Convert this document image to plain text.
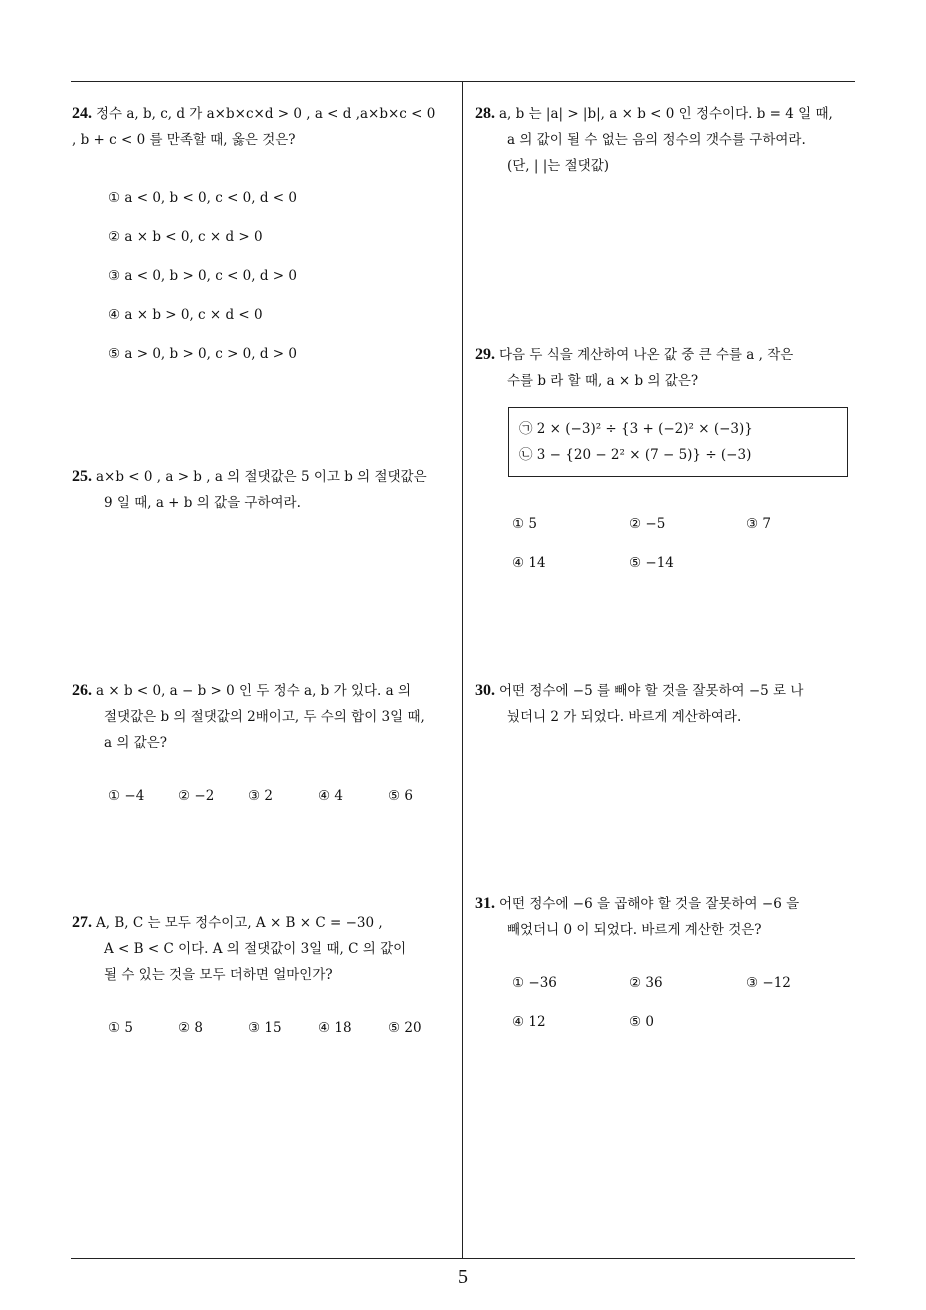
24. 정수 a, b, c, d 가 a×b×c×d > 0 , a < d ,a×b×c < 0
, b + c < 0 를 만족할 때, 옳은 것은?
① a < 0, b < 0, c < 0, d < 0
② a × b < 0, c × d > 0
③ a < 0, b > 0, c < 0, d > 0
④ a × b > 0, c × d < 0
⑤ a > 0, b > 0, c > 0, d > 0
25. a×b < 0 , a > b , a 의 절댓값은 5 이고 b 의 절댓값은
9 일 때, a + b 의 값을 구하여라.
26. a × b < 0, a − b > 0 인 두 정수 a, b 가 있다. a 의
절댓값은 b 의 절댓값의 2배이고, 두 수의 합이 3일 때,
a 의 값은?
① −4 ② −2 ③ 2	④ 4	⑤ 6
27. A, B, C 는 모두 정수이고, A × B × C = −30 ,
A < B < C 이다. A 의 절댓값이 3일 때, C 의 값이
될 수 있는 것을 모두 더하면 얼마인가?
① 5	② 8	③ 15	④ 18	⑤ 20
28. a, b 는 |a| > |b|, a × b < 0 인 정수이다. b = 4 일 때,
a 의 값이 될 수 없는 음의 정수의 갯수를 구하여라.
(단, | |는 절댓값)
29. 다음 두 식을 계산하여 나온 값 중 큰 수를 a , 작은
수를 b 라 할 때, a × b 의 값은?
㉠ 2 × (−3)² ÷ {3 + (−2)² × (−3)}
㉡ 3 − {20 − 2² × (7 − 5)} ÷ (−3)
① 5	② −5	③ 7
④ 14	⑤ −14
30. 어떤 정수에 −5 를 빼야 할 것을 잘못하여 −5 로 나
눴더니 2 가 되었다. 바르게 계산하여라.
31. 어떤 정수에 −6 을 곱해야 할 것을 잘못하여 −6 을
빼었더니 0 이 되었다. 바르게 계산한 것은?
① −36	② 36	③ −12
④ 12	⑤ 0
5
